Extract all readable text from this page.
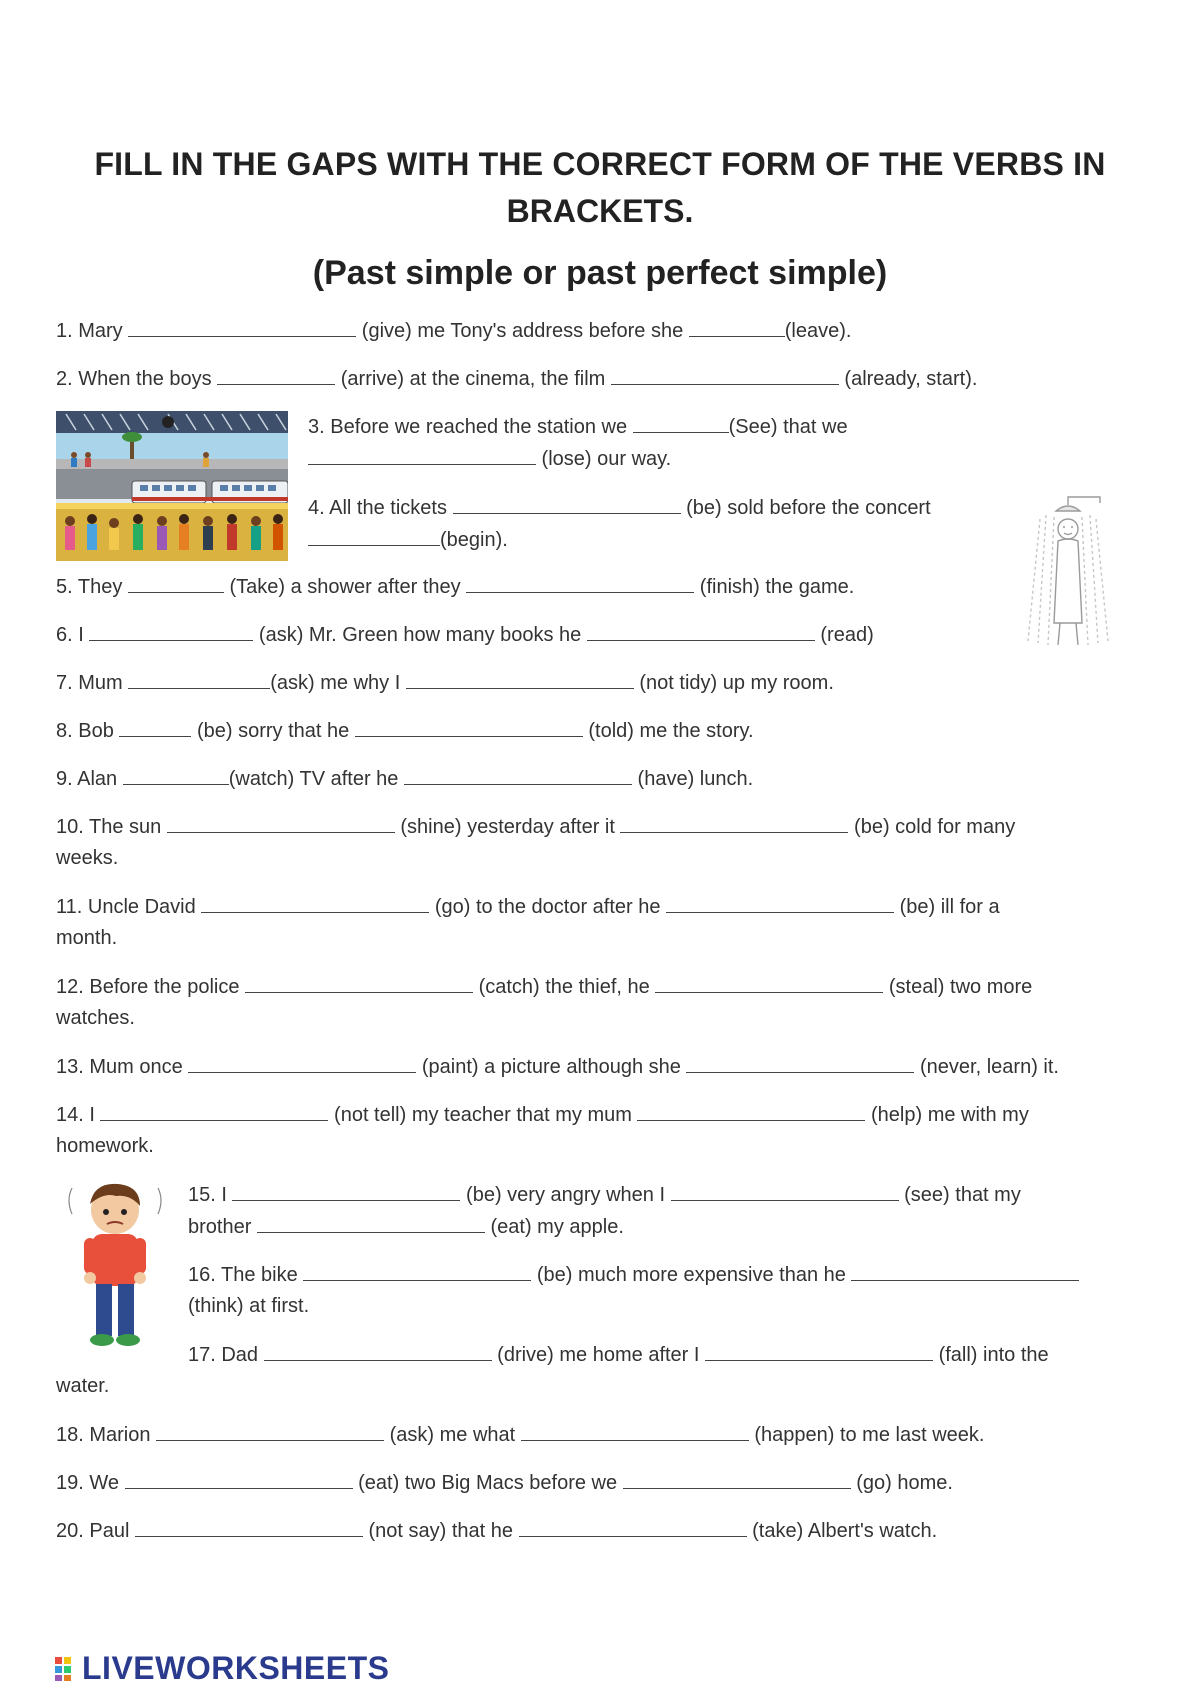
FILL IN THE GAPS WITH THE CORRECT FORM OF THE VERBS IN
BRACKETS.
(Past simple or past perfect simple)
1. Mary	(give) me Tony's address before she	(leave).
2. When the boys	(arrive) at the cinema, the film	(already, start).
3. Before we reached the station we	(See) that we
(lose) our way.
4. All the tickets	(be) sold before the concert
(begin).
5. They	(Take) a shower after they	(finish) the game.
6. I	(ask) Mr. Green how many books he	(read)
7. Mum	(ask) me why I	(not tidy) up my room.
8. Bob	(be) sorry that he	(told) me the story.
9. Alan	(watch) TV after he	(have) lunch.
10. The sun	(shine) yesterday after it	(be) cold for many
weeks.
11. Uncle David	(go) to the doctor after he	(be) ill for a
month.
12. Before the police	(catch) the thief, he	(steal) two more
watches.
13. Mum once	(paint) a picture although she	(never, learn) it.
14. I	(not tell) my teacher that my mum	(help) me with my
homework.
15. I	(be) very angry when I	(see) that my
brother	(eat) my apple.
16. The bike	(be) much more expensive than he
(think) at first.
17. Dad	(drive) me home after I	(fall) into the
water.
18. Marion	(ask) me what	(happen) to me last week.
19. We	(eat) two Big Macs before we	(go) home.
20. Paul	(not say) that he	(take) Albert's watch.
LIVEWORKSHEETS
